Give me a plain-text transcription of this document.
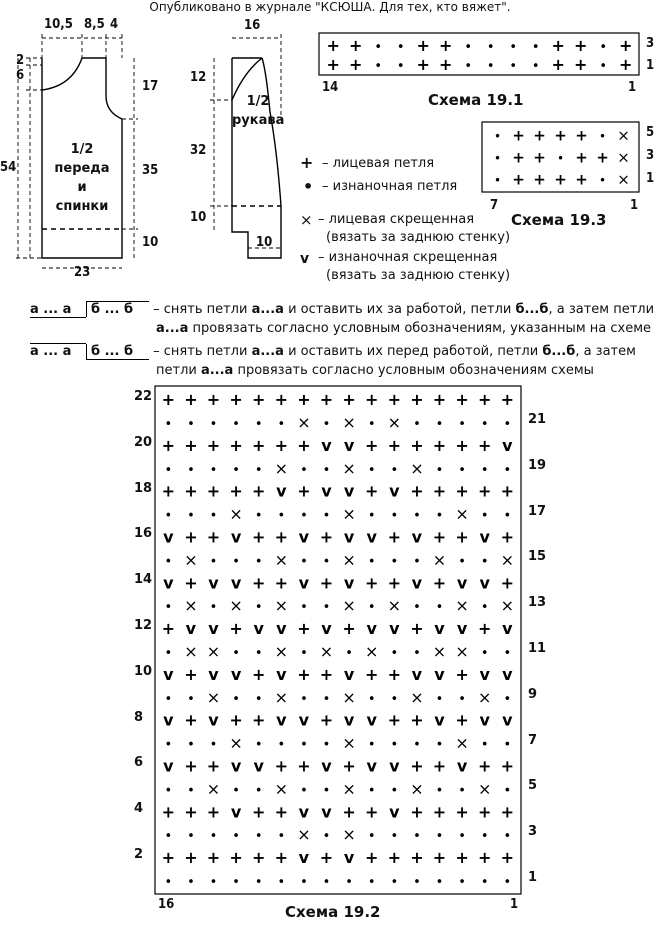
Опубликовано в журнале "КСЮША. Для тех, кто вяжет".
10,5 8,5 4
2
6
54
17
35
10
23
1/2
переда
и
спинки
16
12
32
10
10
1/2
рукава
+ – лицевая петля
• – изнаночная петля
× – лицевая скрещенная
(вязать за заднюю стенку)
v – изнаночная скрещенная
(вязать за заднюю стенку)
+ + • • + + • • • • + + • +
+ + • • + + • • • • + + • +
3
1
14	1
Схема 19.1
• + + + + • ×
• + + • + + ×
• + + + + • ×
5
3
1
7	1
Схема 19.3
а ... а б ... б – снять петли а...а и оставить их за работой, петли б...б, а затем петли
а...а провязать согласно условным обозначениям, указанным на схеме
а ... а б ... б – снять петли а...а и оставить их перед работой, петли б...б, а затем
петли а...а провязать согласно условным обозначениям схемы
+ + + + + + + + + + + + + + + +
• • • • • • × • × • × • • • • •
+ + + + + + + v v + + + + + + v
• • • • • × • • × • • × • • • •
+ + + + + v + v v + v + + + + +
• • • × • • • • × • • • • × • •
v + + v + + v + v v + v + + v +
• × • • • × • • × • • • × • • ×
v + v v + + v + v + + v + v v +
• × • × • × • • × • × • • × • ×
+ v v + v v + v + v v + v v + v
• × × • • × • × • × • • × × • •
v + v v + v + + v + + v v + v v
• • × • • × • • × • • × • • × •
v + v + + v v + v v + + v + v v
• • • × • • • • × • • • • × • •
v + + v v + + v + v v + + v + +
• • × • • × • • × • • × • • × •
+ + + v + + v v + + v + + + + +
• • • • • • × • × • • • • • • •
+ + + + + + v + v + + + + + + +
• • • • • • • • • • • • • • • •
22
20
18
16
14
12
10
8
6
4
2
21
19
17
15
13
11
9
7
5
3
1
16	1
Схема 19.2
